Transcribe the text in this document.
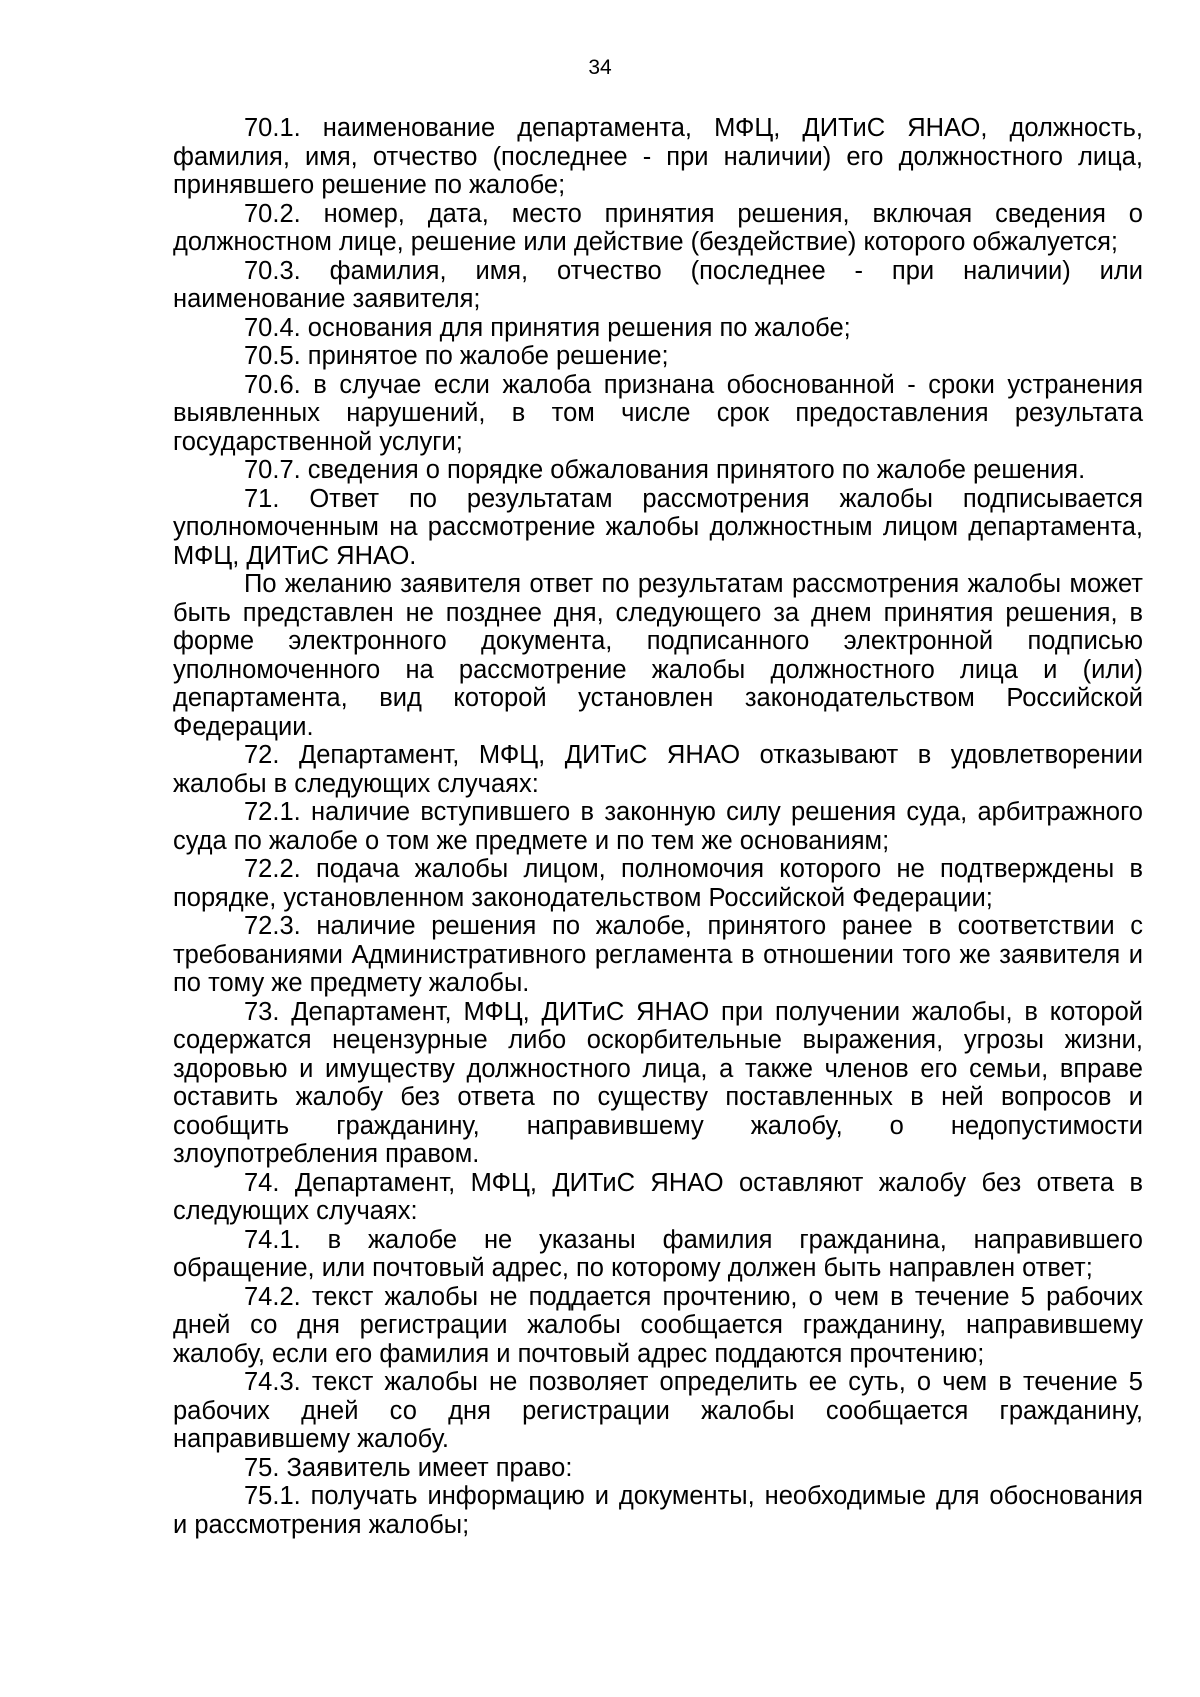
34

70.1. наименование департамента, МФЦ, ДИТиС ЯНАО, должность, фамилия, имя, отчество (последнее - при наличии) его должностного лица, принявшего решение по жалобе;

70.2. номер, дата, место принятия решения, включая сведения о должностном лице, решение или действие (бездействие) которого обжалуется;

70.3. фамилия, имя, отчество (последнее - при наличии) или наименование заявителя;

70.4. основания для принятия решения по жалобе;

70.5. принятое по жалобе решение;

70.6. в случае если жалоба признана обоснованной - сроки устранения выявленных нарушений, в том числе срок предоставления результата государственной услуги;

70.7. сведения о порядке обжалования принятого по жалобе решения.

71. Ответ по результатам рассмотрения жалобы подписывается уполномоченным на рассмотрение жалобы должностным лицом департамента, МФЦ, ДИТиС ЯНАО.

По желанию заявителя ответ по результатам рассмотрения жалобы может быть представлен не позднее дня, следующего за днем принятия решения, в форме электронного документа, подписанного электронной подписью уполномоченного на рассмотрение жалобы должностного лица и (или) департамента, вид которой установлен законодательством Российской Федерации.

72. Департамент, МФЦ, ДИТиС ЯНАО отказывают в удовлетворении жалобы в следующих случаях:

72.1. наличие вступившего в законную силу решения суда, арбитражного суда по жалобе о том же предмете и по тем же основаниям;

72.2. подача жалобы лицом, полномочия которого не подтверждены в порядке, установленном законодательством Российской Федерации;

72.3. наличие решения по жалобе, принятого ранее в соответствии с требованиями Административного регламента в отношении того же заявителя и по тому же предмету жалобы.

73. Департамент, МФЦ, ДИТиС ЯНАО при получении жалобы, в которой содержатся нецензурные либо оскорбительные выражения, угрозы жизни, здоровью и имуществу должностного лица, а также членов его семьи, вправе оставить жалобу без ответа по существу поставленных в ней вопросов и сообщить гражданину, направившему жалобу, о недопустимости злоупотребления правом.

74. Департамент, МФЦ, ДИТиС ЯНАО оставляют жалобу без ответа в следующих случаях:

74.1. в жалобе не указаны фамилия гражданина, направившего обращение, или почтовый адрес, по которому должен быть направлен ответ;

74.2. текст жалобы не поддается прочтению, о чем в течение 5 рабочих дней со дня регистрации жалобы сообщается гражданину, направившему жалобу, если его фамилия и почтовый адрес поддаются прочтению;

74.3. текст жалобы не позволяет определить ее суть, о чем в течение 5 рабочих дней со дня регистрации жалобы сообщается гражданину, направившему жалобу.

75. Заявитель имеет право:

75.1. получать информацию и документы, необходимые для обоснования и рассмотрения жалобы;
